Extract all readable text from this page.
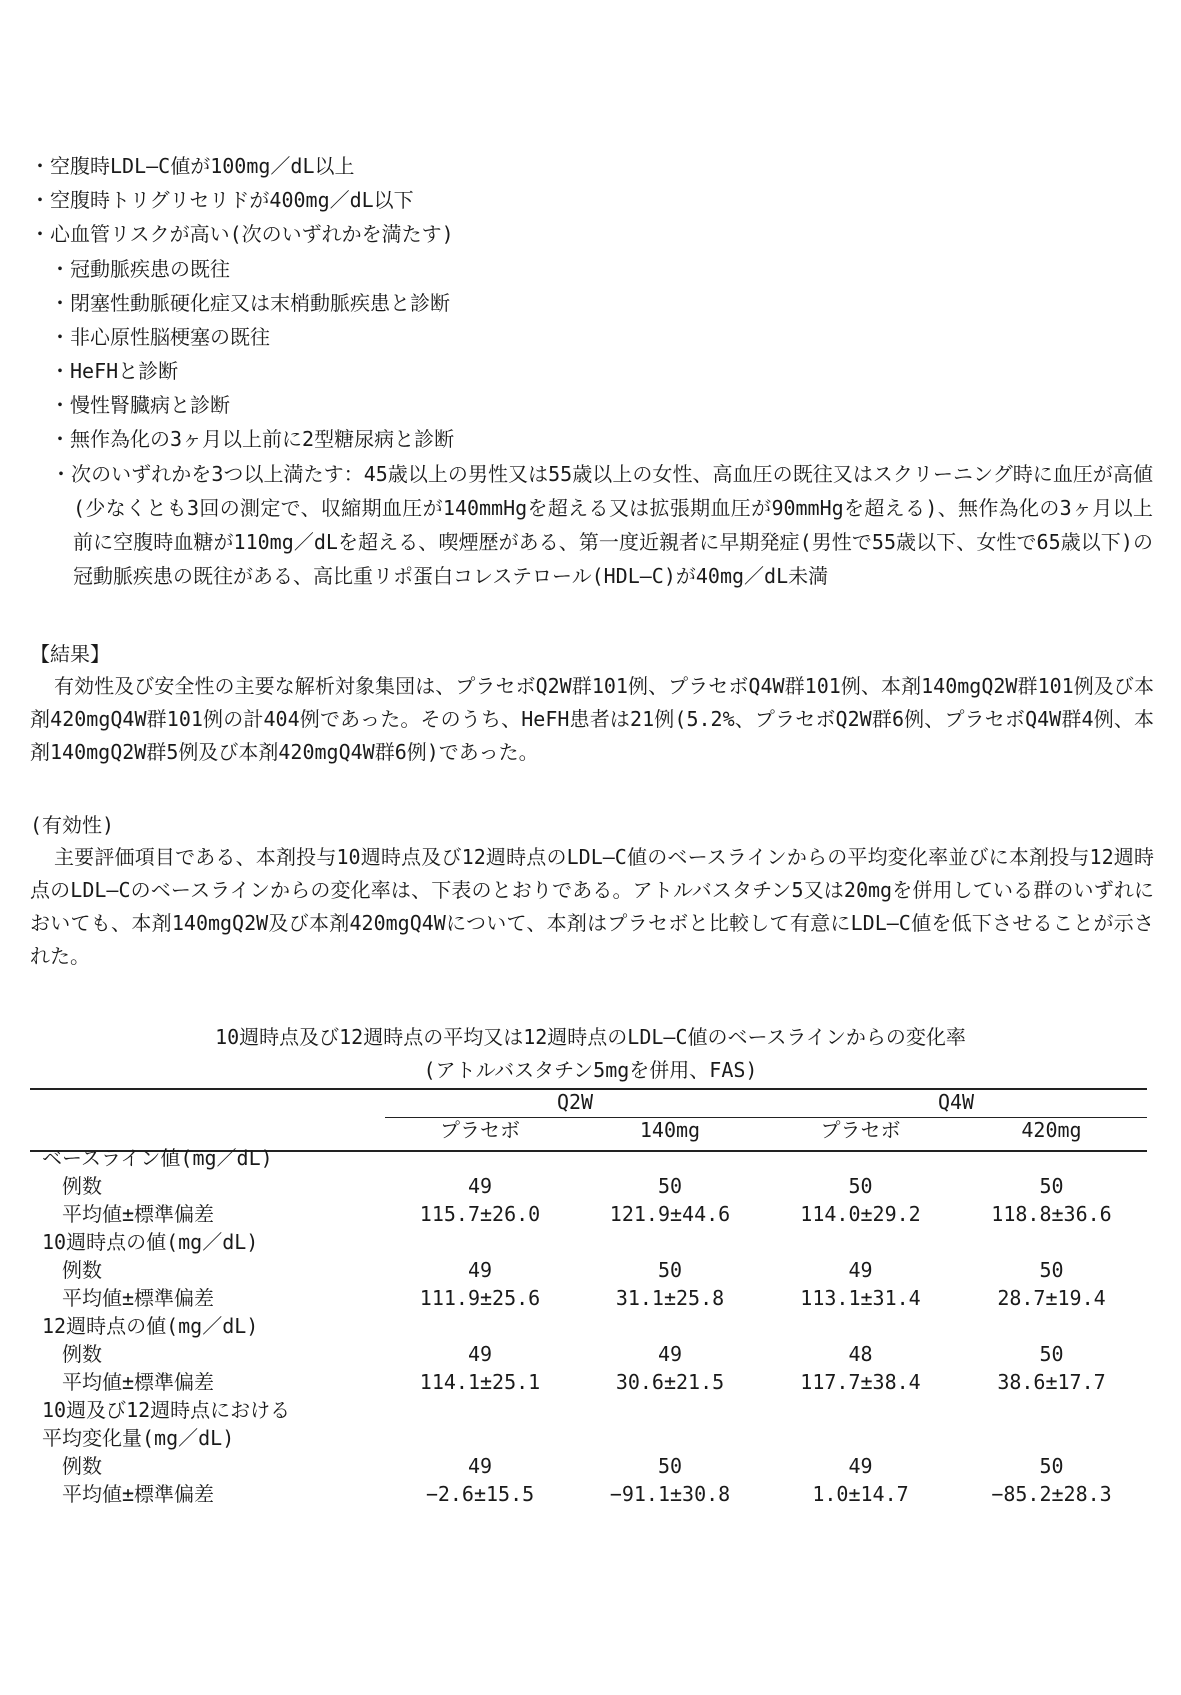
・空腹時LDL―C値が100mg／dL以上
・空腹時トリグリセリドが400mg／dL以下
・心血管リスクが高い(次のいずれかを満たす)
・冠動脈疾患の既往
・閉塞性動脈硬化症又は末梢動脈疾患と診断
・非心原性脳梗塞の既往
・HeFHと診断
・慢性腎臓病と診断
・無作為化の3ヶ月以上前に2型糖尿病と診断
・次のいずれかを3つ以上満たす：45歳以上の男性又は55歳以上の女性、高血圧の既往又はスクリーニング時に血圧が高値(少なくとも3回の測定で、収縮期血圧が140mmHgを超える又は拡張期血圧が90mmHgを超える)、無作為化の3ヶ月以上前に空腹時血糖が110mg／dLを超える、喫煙歴がある、第一度近親者に早期発症(男性で55歳以下、女性で65歳以下)の冠動脈疾患の既往がある、高比重リポ蛋白コレステロール(HDL―C)が40mg／dL未満
【結果】
有効性及び安全性の主要な解析対象集団は、プラセボQ2W群101例、プラセボQ4W群101例、本剤140mgQ2W群101例及び本剤420mgQ4W群101例の計404例であった。そのうち、HeFH患者は21例(5.2%、プラセボQ2W群6例、プラセボQ4W群4例、本剤140mgQ2W群5例及び本剤420mgQ4W群6例)であった。
(有効性)
主要評価項目である、本剤投与10週時点及び12週時点のLDL―C値のベースラインからの平均変化率並びに本剤投与12週時点のLDL―Cのベースラインからの変化率は、下表のとおりである。アトルバスタチン5又は20mgを併用している群のいずれにおいても、本剤140mgQ2W及び本剤420mgQ4Wについて、本剤はプラセボと比較して有意にLDL―C値を低下させることが示された。
10週時点及び12週時点の平均又は12週時点のLDL―C値のベースラインからの変化率
(アトルバスタチン5mgを併用、FAS)
	Q2W		Q4W	
	プラセボ	140mg	プラセボ	420mg
ベースライン値(mg／dL)				
例数	49	50	50	50
平均値±標準偏差	115.7±26.0	121.9±44.6	114.0±29.2	118.8±36.6
10週時点の値(mg／dL)				
例数	49	50	49	50
平均値±標準偏差	111.9±25.6	31.1±25.8	113.1±31.4	28.7±19.4
12週時点の値(mg／dL)				
例数	49	49	48	50
平均値±標準偏差	114.1±25.1	30.6±21.5	117.7±38.4	38.6±17.7
10週及び12週時点における				
平均変化量(mg／dL)				
例数	49	50	49	50
平均値±標準偏差	−2.6±15.5	−91.1±30.8	1.0±14.7	−85.2±28.3
